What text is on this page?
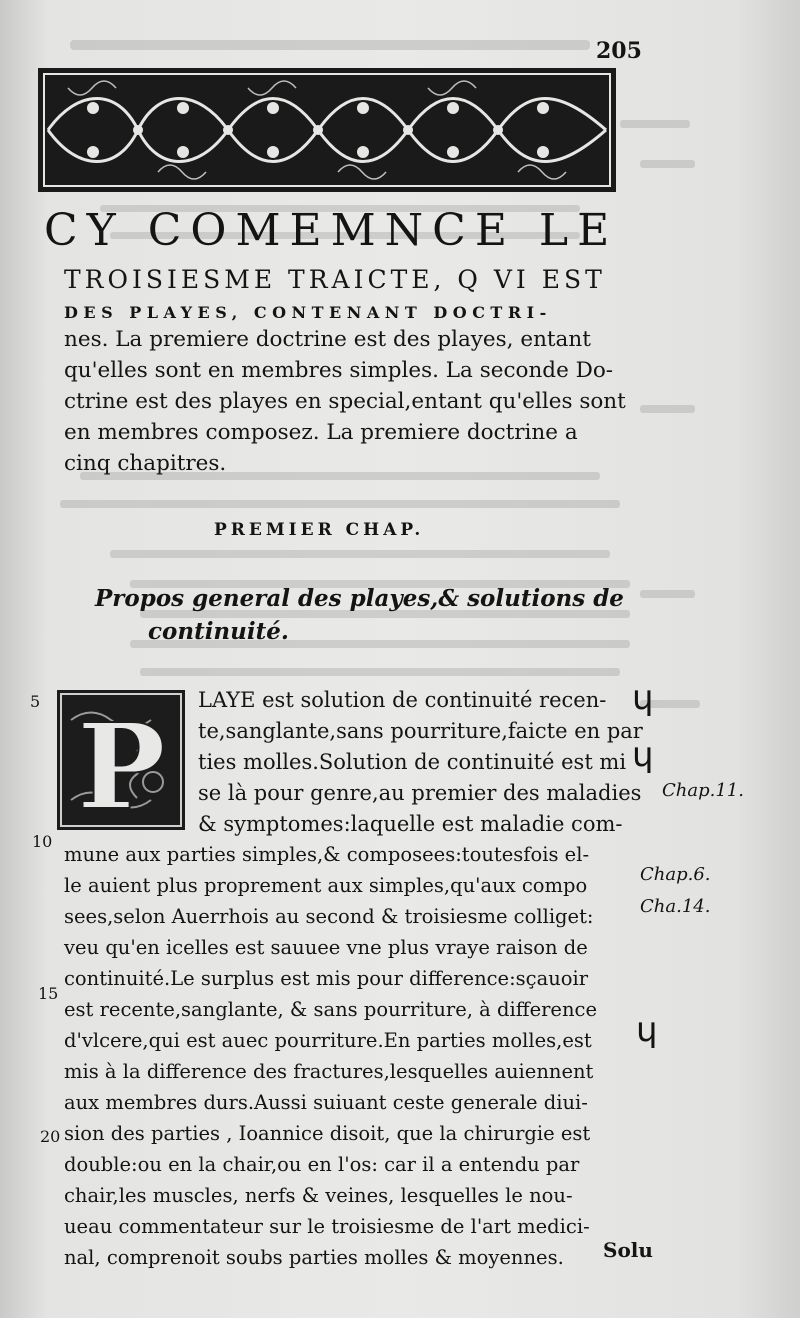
205
CY COMEMNCE LE
TROISIESME TRAICTE, Q VI EST
DES PLAYES, CONTENANT DOCTRI-
nes. La premiere doctrine est des playes, entant
qu'elles sont en membres simples. La seconde Do-
ctrine est des playes en special,entant qu'elles sont
en membres composez. La premiere doctrine a
cinq chapitres.
PREMIER CHAP.
Propos general des playes,& solutions de
continuité.
P LAYE est solution de continuité recen-
te,sanglante,sans pourriture,faicte en par
ties molles.Solution de continuité est mi
se là pour genre,au premier des maladies
& symptomes:laquelle est maladie com-
mune aux parties simples,& composees:toutesfois el-
le auient plus proprement aux simples,qu'aux compo
sees,selon Auerrhois au second & troisiesme colliget:
veu qu'en icelles est sauuee vne plus vraye raison de
continuité.Le surplus est mis pour difference:sçauoir
est recente,sanglante, & sans pourriture, à difference
d'vlcere,qui est auec pourriture.En parties molles,est
mis à la difference des fractures,lesquelles auiennent
aux membres durs.Aussi suiuant ceste generale diui-
sion des parties , Ioannice disoit, que la chirurgie est
double:ou en la chair,ou en l'os: car il a entendu par
chair,les muscles, nerfs & veines, lesquelles le nou-
ueau commentateur sur le troisiesme de l'art medici-
nal, comprenoit soubs parties molles & moyennes.
5
10
15
20
Chap.11.
Chap.6.
Cha.14.
ɥ
ɥ
ɥ
Solu
